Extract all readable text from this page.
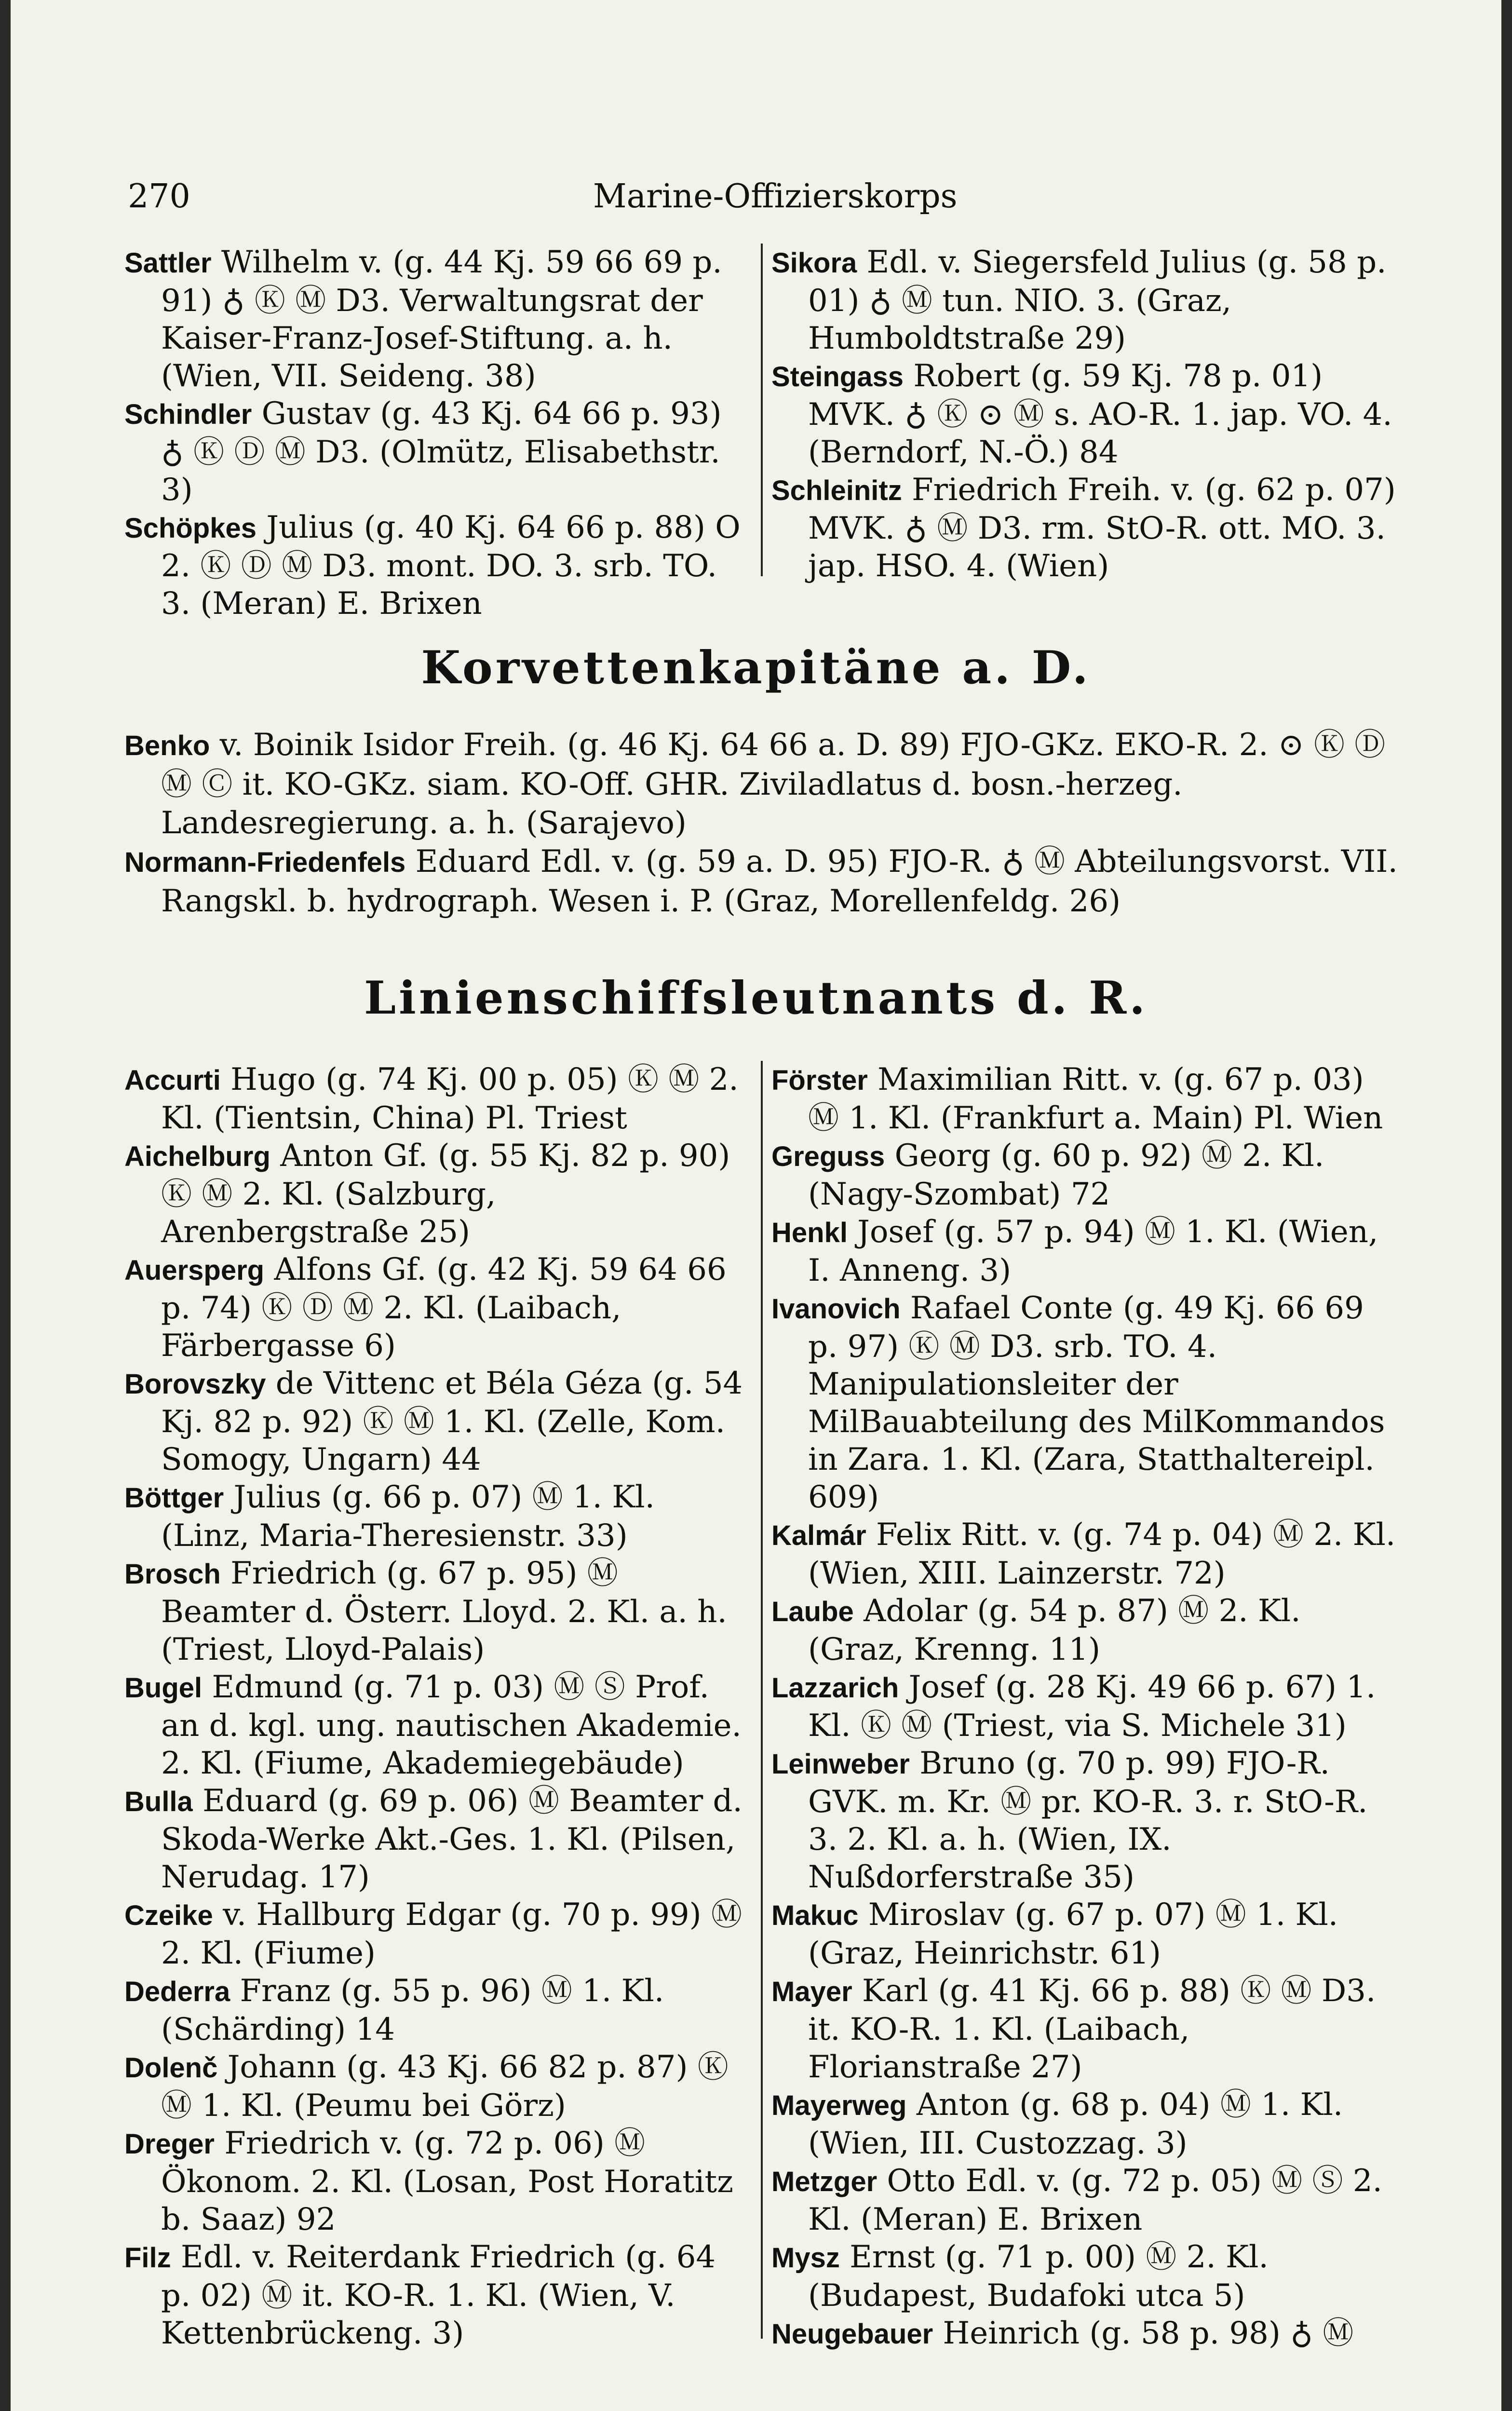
270	Marine-Offizierskorps

Sattler Wilhelm v. (g. 44 Kj. 59 66 69 p. 91) ♁ Ⓚ Ⓜ D3. Verwaltungsrat der Kaiser-Franz-Josef-Stiftung. a. h. (Wien, VII. Seideng. 38)

Schindler Gustav (g. 43 Kj. 64 66 p. 93) ♁ Ⓚ Ⓓ Ⓜ D3. (Olmütz, Elisabethstr. 3)

Schöpkes Julius (g. 40 Kj. 64 66 p. 88) O 2. Ⓚ Ⓓ Ⓜ D3. mont. DO. 3. srb. TO. 3. (Meran) E. Brixen

Sikora Edl. v. Siegersfeld Julius (g. 58 p. 01) ♁ Ⓜ tun. NIO. 3. (Graz, Humboldtstraße 29)

Steingass Robert (g. 59 Kj. 78 p. 01) MVK. ♁ Ⓚ ⊙ Ⓜ s. AO-R. 1. jap. VO. 4. (Berndorf, N.-Ö.) 84

Schleinitz Friedrich Freih. v. (g. 62 p. 07) MVK. ♁ Ⓜ D3. rm. StO-R. ott. MO. 3. jap. HSO. 4. (Wien)

Korvettenkapitäne a. D.

Benko v. Boinik Isidor Freih. (g. 46 Kj. 64 66 a. D. 89) FJO-GKz. EKO-R. 2. ⊙ Ⓚ Ⓓ Ⓜ Ⓒ it. KO-GKz. siam. KO-Off. GHR. Ziviladlatus d. bosn.-herzeg. Landesregierung. a. h. (Sarajevo)

Normann-Friedenfels Eduard Edl. v. (g. 59 a. D. 95) FJO-R. ♁ Ⓜ Abteilungsvorst. VII. Rangskl. b. hydrograph. Wesen i. P. (Graz, Morellenfeldg. 26)

Linienschiffsleutnants d. R.

Accurti Hugo (g. 74 Kj. 00 p. 05) Ⓚ Ⓜ 2. Kl. (Tientsin, China) Pl. Triest

Aichelburg Anton Gf. (g. 55 Kj. 82 p. 90) Ⓚ Ⓜ 2. Kl. (Salzburg, Arenbergstraße 25)

Auersperg Alfons Gf. (g. 42 Kj. 59 64 66 p. 74) Ⓚ Ⓓ Ⓜ 2. Kl. (Laibach, Färbergasse 6)

Borovszky de Vittenc et Béla Géza (g. 54 Kj. 82 p. 92) Ⓚ Ⓜ 1. Kl. (Zelle, Kom. Somogy, Ungarn) 44

Böttger Julius (g. 66 p. 07) Ⓜ 1. Kl. (Linz, Maria-Theresienstr. 33)

Brosch Friedrich (g. 67 p. 95) Ⓜ Beamter d. Österr. Lloyd. 2. Kl. a. h. (Triest, Lloyd-Palais)

Bugel Edmund (g. 71 p. 03) Ⓜ Ⓢ Prof. an d. kgl. ung. nautischen Akademie. 2. Kl. (Fiume, Akademiegebäude)

Bulla Eduard (g. 69 p. 06) Ⓜ Beamter d. Skoda-Werke Akt.-Ges. 1. Kl. (Pilsen, Nerudag. 17)

Czeike v. Hallburg Edgar (g. 70 p. 99) Ⓜ 2. Kl. (Fiume)

Dederra Franz (g. 55 p. 96) Ⓜ 1. Kl. (Schärding) 14

Dolenč Johann (g. 43 Kj. 66 82 p. 87) Ⓚ Ⓜ 1. Kl. (Peumu bei Görz)

Dreger Friedrich v. (g. 72 p. 06) Ⓜ Ökonom. 2. Kl. (Losan, Post Horatitz b. Saaz) 92

Filz Edl. v. Reiterdank Friedrich (g. 64 p. 02) Ⓜ it. KO-R. 1. Kl. (Wien, V. Kettenbrückeng. 3)

Förster Maximilian Ritt. v. (g. 67 p. 03) Ⓜ 1. Kl. (Frankfurt a. Main) Pl. Wien

Greguss Georg (g. 60 p. 92) Ⓜ 2. Kl. (Nagy-Szombat) 72

Henkl Josef (g. 57 p. 94) Ⓜ 1. Kl. (Wien, I. Anneng. 3)

Ivanovich Rafael Conte (g. 49 Kj. 66 69 p. 97) Ⓚ Ⓜ D3. srb. TO. 4. Manipulationsleiter der MilBauabteilung des MilKommandos in Zara. 1. Kl. (Zara, Statthaltereipl. 609)

Kalmár Felix Ritt. v. (g. 74 p. 04) Ⓜ 2. Kl. (Wien, XIII. Lainzerstr. 72)

Laube Adolar (g. 54 p. 87) Ⓜ 2. Kl. (Graz, Krenng. 11)

Lazzarich Josef (g. 28 Kj. 49 66 p. 67) 1. Kl. Ⓚ Ⓜ (Triest, via S. Michele 31)

Leinweber Bruno (g. 70 p. 99) FJO-R. GVK. m. Kr. Ⓜ pr. KO-R. 3. r. StO-R. 3. 2. Kl. a. h. (Wien, IX. Nußdorferstraße 35)

Makuc Miroslav (g. 67 p. 07) Ⓜ 1. Kl. (Graz, Heinrichstr. 61)

Mayer Karl (g. 41 Kj. 66 p. 88) Ⓚ Ⓜ D3. it. KO-R. 1. Kl. (Laibach, Florianstraße 27)

Mayerweg Anton (g. 68 p. 04) Ⓜ 1. Kl. (Wien, III. Custozzag. 3)

Metzger Otto Edl. v. (g. 72 p. 05) Ⓜ Ⓢ 2. Kl. (Meran) E. Brixen

Mysz Ernst (g. 71 p. 00) Ⓜ 2. Kl. (Budapest, Budafoki utca 5)

Neugebauer Heinrich (g. 58 p. 98) ♁ Ⓜ
